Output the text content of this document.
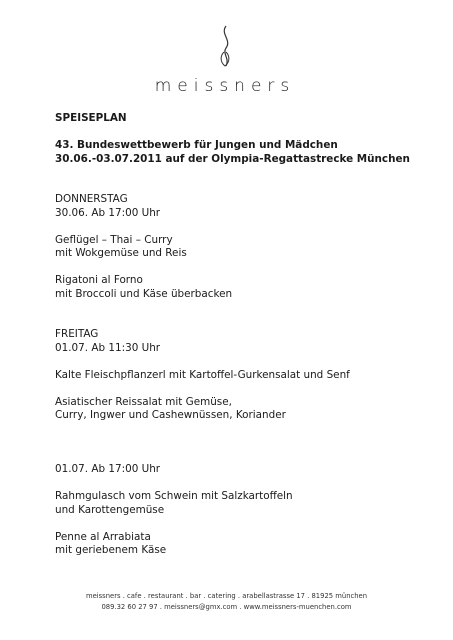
meissners
SPEISEPLAN
43. Bundeswettbewerb für Jungen und Mädchen
30.06.-03.07.2011 auf der Olympia-Regattastrecke München
DONNERSTAG
30.06. Ab 17:00 Uhr
Geflügel – Thai – Curry
mit Wokgemüse und Reis
Rigatoni al Forno
mit Broccoli und Käse überbacken
FREITAG
01.07. Ab 11:30 Uhr
Kalte Fleischpflanzerl mit Kartoffel-Gurkensalat und Senf
Asiatischer Reissalat mit Gemüse,
Curry, Ingwer und Cashewnüssen, Koriander
01.07. Ab 17:00 Uhr
Rahmgulasch vom Schwein mit Salzkartoffeln
und Karottengemüse
Penne al Arrabiata
mit geriebenem Käse
meissners . cafe . restaurant . bar . catering . arabellastrasse 17 . 81925 münchen
089.32 60 27 97 . meissners@gmx.com . www.meissners-muenchen.com
